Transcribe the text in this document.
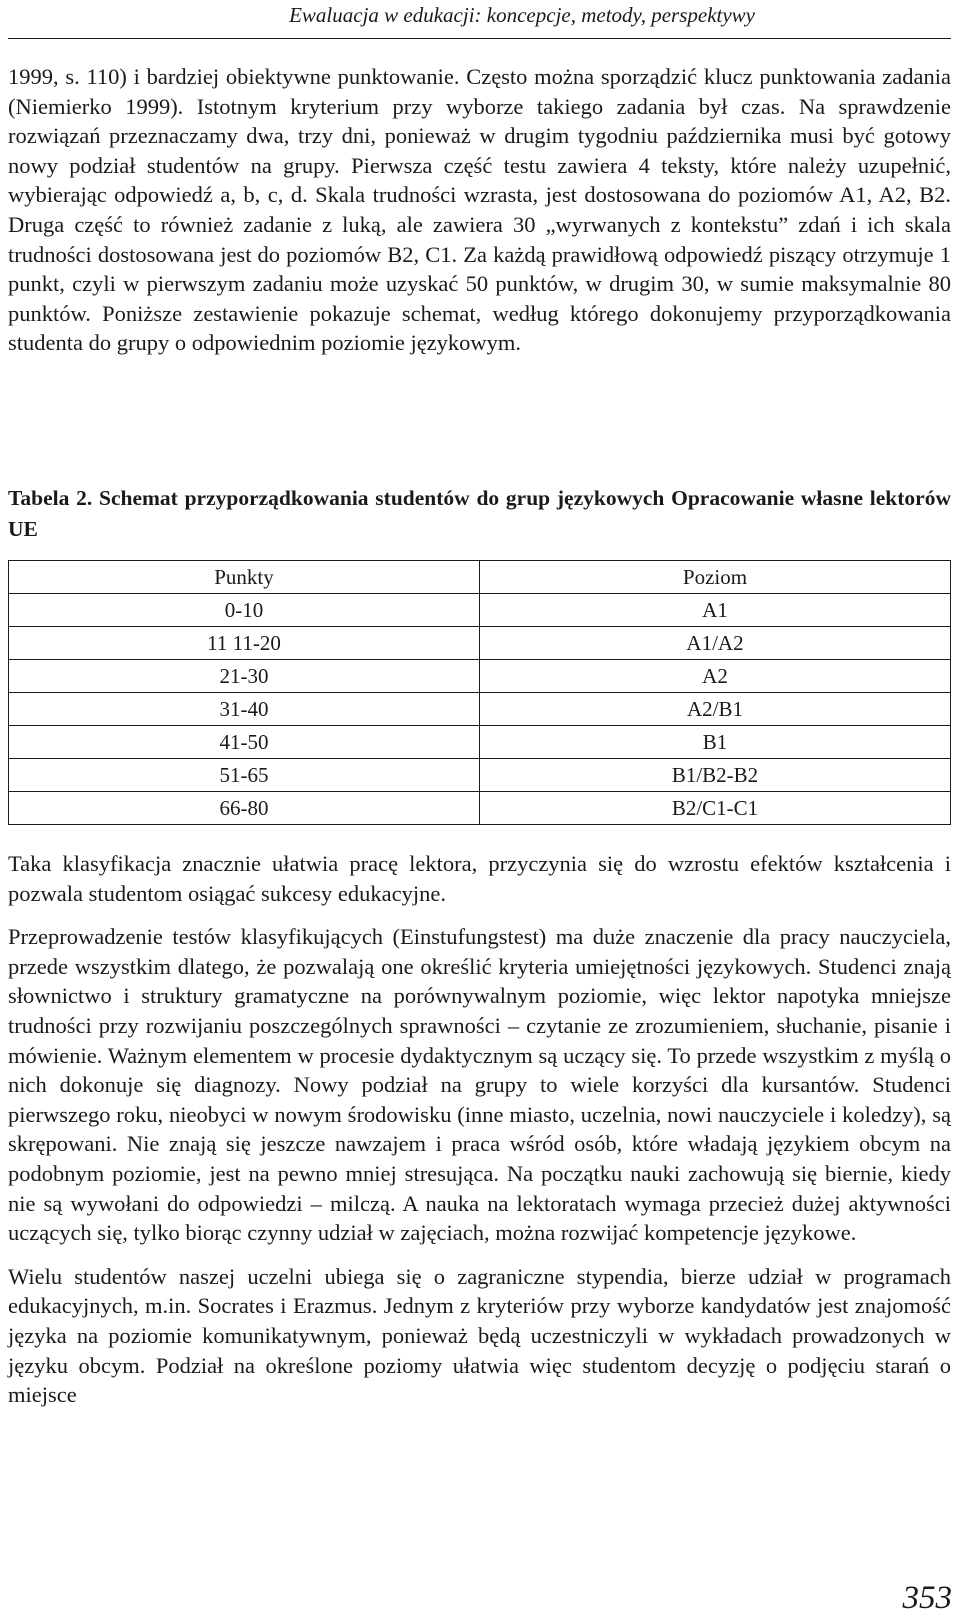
Ewaluacja w edukacji: koncepcje, metody, perspektywy

1999, s. 110) i bardziej obiektywne punktowanie. Często można sporządzić klucz punktowania zadania (Niemierko 1999). Istotnym kryterium przy wyborze takiego zadania był czas. Na sprawdzenie rozwiązań przeznaczamy dwa, trzy dni, ponieważ w drugim tygodniu października musi być gotowy nowy podział studentów na grupy. Pierwsza część testu zawiera 4 teksty, które należy uzupełnić, wybierając odpowiedź a, b, c, d. Skala trudności wzrasta, jest dostosowana do poziomów A1, A2, B2. Druga część to również zadanie z luką, ale zawiera 30 „wyrwanych z kontekstu” zdań i ich skala trudności dostosowana jest do poziomów B2, C1. Za każdą prawidłową odpowiedź piszący otrzymuje 1 punkt, czyli w pierwszym zadaniu może uzyskać 50 punktów, w drugim 30, w sumie maksymalnie 80 punktów. Poniższe zestawienie pokazuje schemat, według którego dokonujemy przyporządkowania studenta do grupy o odpowiednim poziomie językowym.

Tabela 2. Schemat przyporządkowania studentów do grup językowych Opracowanie własne lektorów UE
Punkty	Poziom
0-10	A1
11 11-20	A1/A2
21-30	A2
31-40	A2/B1
41-50	B1
51-65	B1/B2-B2
66-80	B2/C1-C1

Taka klasyfikacja znacznie ułatwia pracę lektora, przyczynia się do wzrostu efektów kształcenia i pozwala studentom osiągać sukcesy edukacyjne.

Przeprowadzenie testów klasyfikujących (Einstufungstest) ma duże znaczenie dla pracy nauczyciela, przede wszystkim dlatego, że pozwalają one określić kryteria umiejętności językowych. Studenci znają słownictwo i struktury gramatyczne na porównywalnym poziomie, więc lektor napotyka mniejsze trudności przy rozwijaniu poszczególnych sprawności – czytanie ze zrozumieniem, słuchanie, pisanie i mówienie. Ważnym elementem w procesie dydaktycznym są uczący się. To przede wszystkim z myślą o nich dokonuje się diagnozy. Nowy podział na grupy to wiele korzyści dla kursantów. Studenci pierwszego roku, nieobyci w nowym środowisku (inne miasto, uczelnia, nowi nauczyciele i koledzy), są skrępowani. Nie znają się jeszcze nawzajem i praca wśród osób, które władają językiem obcym na podobnym poziomie, jest na pewno mniej stresująca. Na początku nauki zachowują się biernie, kiedy nie są wywołani do odpowiedzi – milczą. A nauka na lektoratach wymaga przecież dużej aktywności uczących się, tylko biorąc czynny udział w zajęciach, można rozwijać kompetencje językowe.

Wielu studentów naszej uczelni ubiega się o zagraniczne stypendia, bierze udział w programach edukacyjnych, m.in. Socrates i Erazmus. Jednym z kryteriów przy wyborze kandydatów jest znajomość języka na poziomie komunikatywnym, ponieważ będą uczestniczyli w wykładach prowadzonych w języku obcym. Podział na określone poziomy ułatwia więc studentom decyzję o podjęciu starań o miejsce

353
